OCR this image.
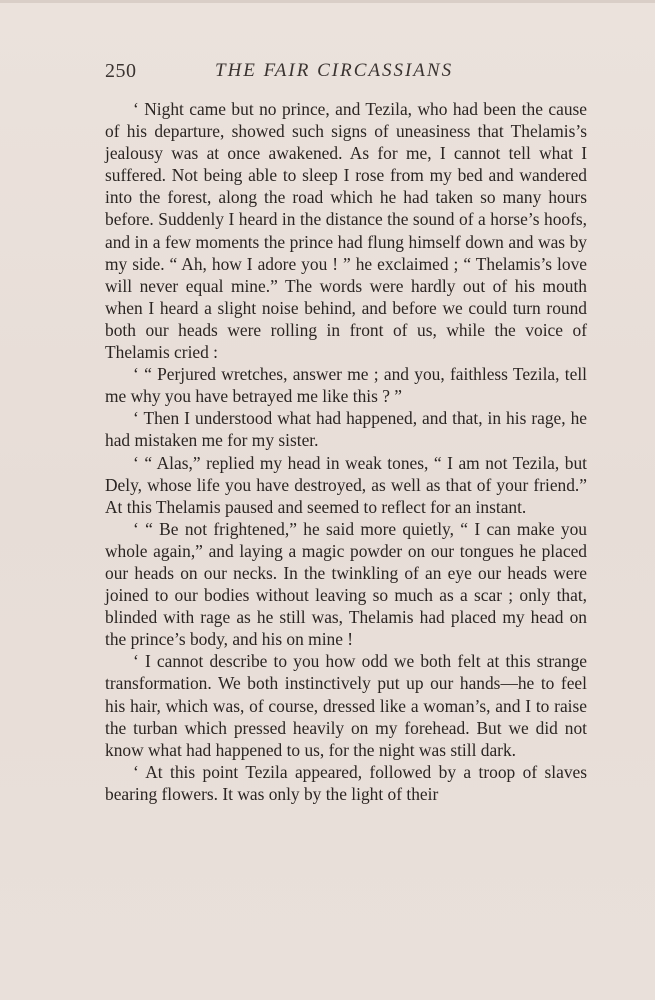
250	THE FAIR CIRCASSIANS

‘ Night came but no prince, and Tezila, who had been the cause of his departure, showed such signs of uneasiness that Thelamis’s jealousy was at once awakened. As for me, I cannot tell what I suffered. Not being able to sleep I rose from my bed and wandered into the forest, along the road which he had taken so many hours before. Suddenly I heard in the distance the sound of a horse’s hoofs, and in a few moments the prince had flung himself down and was by my side. “ Ah, how I adore you ! ” he exclaimed ; “ Thelamis’s love will never equal mine.” The words were hardly out of his mouth when I heard a slight noise behind, and before we could turn round both our heads were rolling in front of us, while the voice of Thelamis cried :

‘ “ Perjured wretches, answer me ; and you, faithless Tezila, tell me why you have betrayed me like this ? ”

‘ Then I understood what had happened, and that, in his rage, he had mistaken me for my sister.

‘ “ Alas,” replied my head in weak tones, “ I am not Tezila, but Dely, whose life you have destroyed, as well as that of your friend.” At this Thelamis paused and seemed to reflect for an instant.

‘ “ Be not frightened,” he said more quietly, “ I can make you whole again,” and laying a magic powder on our tongues he placed our heads on our necks. In the twinkling of an eye our heads were joined to our bodies without leaving so much as a scar ; only that, blinded with rage as he still was, Thelamis had placed my head on the prince’s body, and his on mine !

‘ I cannot describe to you how odd we both felt at this strange transformation. We both instinctively put up our hands—he to feel his hair, which was, of course, dressed like a woman’s, and I to raise the turban which pressed heavily on my forehead. But we did not know what had happened to us, for the night was still dark.

‘ At this point Tezila appeared, followed by a troop of slaves bearing flowers. It was only by the light of their
